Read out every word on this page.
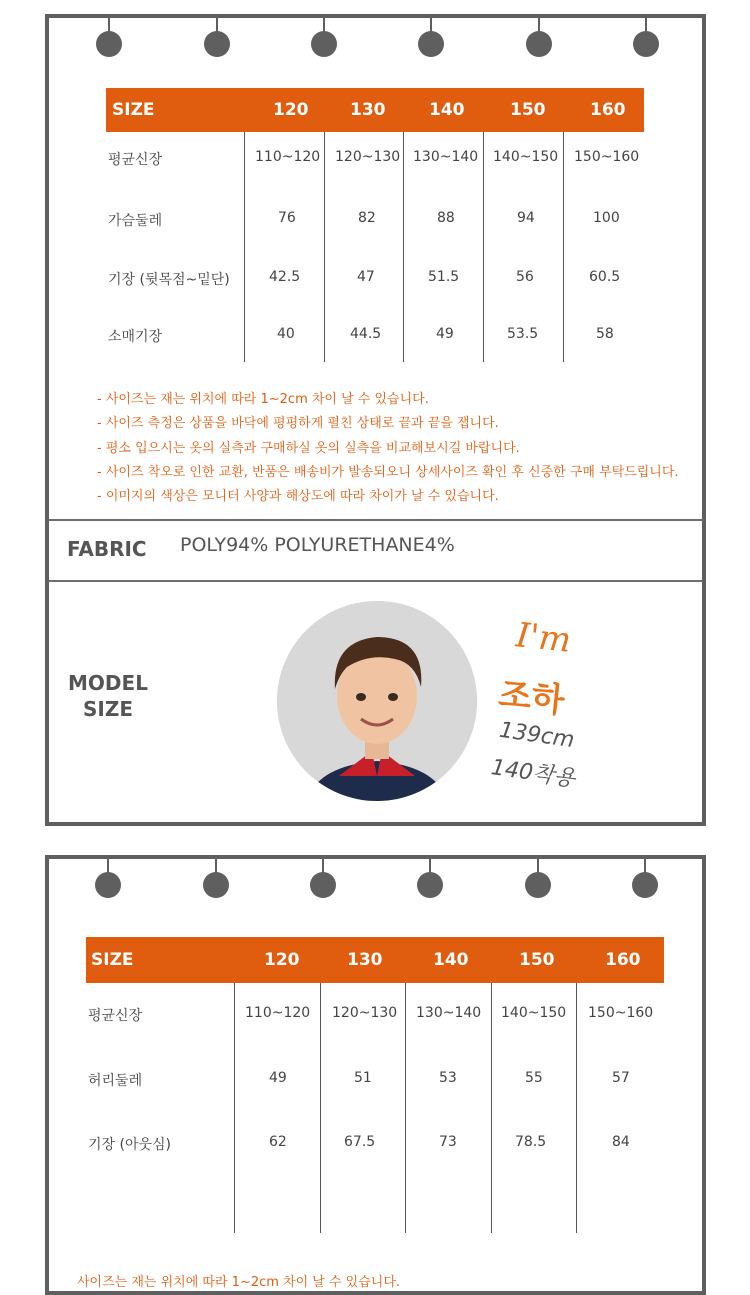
SIZE	120 130	140	150	160
평균신장	110~120 120~130 130~140 140~150 150~160
가슴둘레	76	82	88	94	100
기장 (뒷목점~밑단)	42.5	47	51.5	56	60.5
소매기장	40	44.5	49	53.5	58
- 사이즈는 재는 위치에 따라 1~2cm 차이 날 수 있습니다.
- 사이즈 측정은 상품을 바닥에 평평하게 펼친 상태로 끝과 끝을 잽니다.
- 평소 입으시는 옷의 실측과 구매하실 옷의 실측을 비교해보시길 바랍니다.
- 사이즈 착오로 인한 교환, 반품은 배송비가 발송되오니 상세사이즈 확인 후 신중한 구매 부탁드립니다.
- 이미지의 색상은 모니터 사양과 해상도에 따라 차이가 날 수 있습니다.
FABRIC POLY94% POLYURETHANE4%
MODEL
SIZE
I'm
조하
139cm
140착용
SIZE	120	130	140	150	160
평균신장	110~120 120~130 130~140 140~150 150~160
허리둘레	49	51	53	55	57
기장 (아웃심)	62	67.5	73	78.5	84
사이즈는 재는 위치에 따라 1~2cm 차이 날 수 있습니다.
